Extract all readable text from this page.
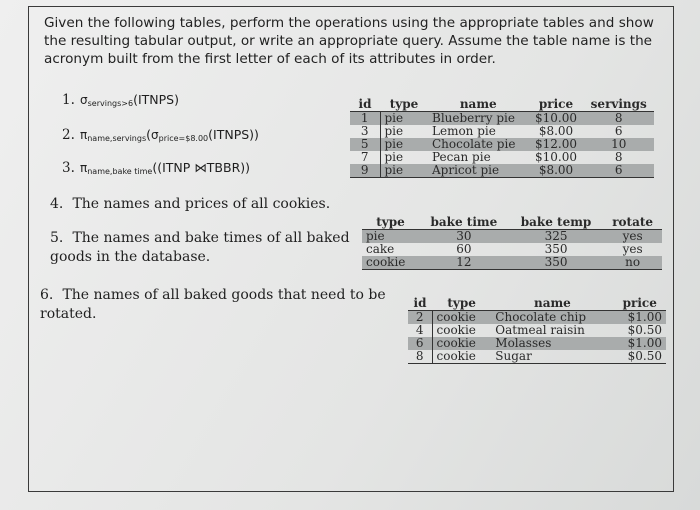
Given the following tables, perform the operations using the appropriate tables and show the resulting tabular output, or write an appropriate query. Assume the table name is the acronym built from the first letter of each of its attributes in order.

1. $\sigma_{servings>6}(ITNPS)$
2. $\pi_{name,servings}(\sigma_{price=\$8.00}(ITNPS))$
3. $\pi_{name,bake time}((ITNP$ ⋈TBBR))
4. The names and prices of all cookies.
5. The names and bake times of all baked goods in the database.
6. The names of all baked goods that need to be rotated.
id	type	name	price	servings
1	pie	Blueberry pie	$10.00	8
3	pie	Lemon pie	$8.00	6
5	pie	Chocolate pie	$12.00	10
7	pie	Pecan pie	$10.00	8
9	pie	Apricot pie	$8.00	6
type	bake time	bake temp	rotate
pie	30	325	yes
cake	60	350	yes
cookie	12	350	no
id	type	name	price
2	cookie	Chocolate chip	$1.00
4	cookie	Oatmeal raisin	$0.50
6	cookie	Molasses	$1.00
8	cookie	Sugar	$0.50
